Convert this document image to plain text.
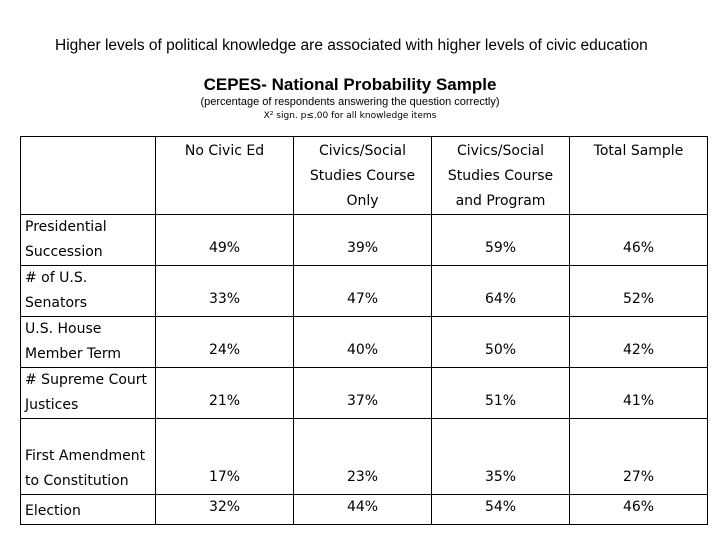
Higher levels of political knowledge are associated with higher levels of civic education
CEPES- National Probability Sample
(percentage of respondents answering the question correctly)
X² sign. p≤.00 for all knowledge items
	No Civic Ed	Civics/Social Studies Course Only	Civics/Social Studies Course and Program	Total Sample
Presidential Succession	49%	39%	59%	46%
# of U.S. Senators	33%	47%	64%	52%
U.S. House Member Term	24%	40%	50%	42%
# Supreme Court Justices	21%	37%	51%	41%
First Amendment to Constitution	17%	23%	35%	27%
Election	32%	44%	54%	46%
